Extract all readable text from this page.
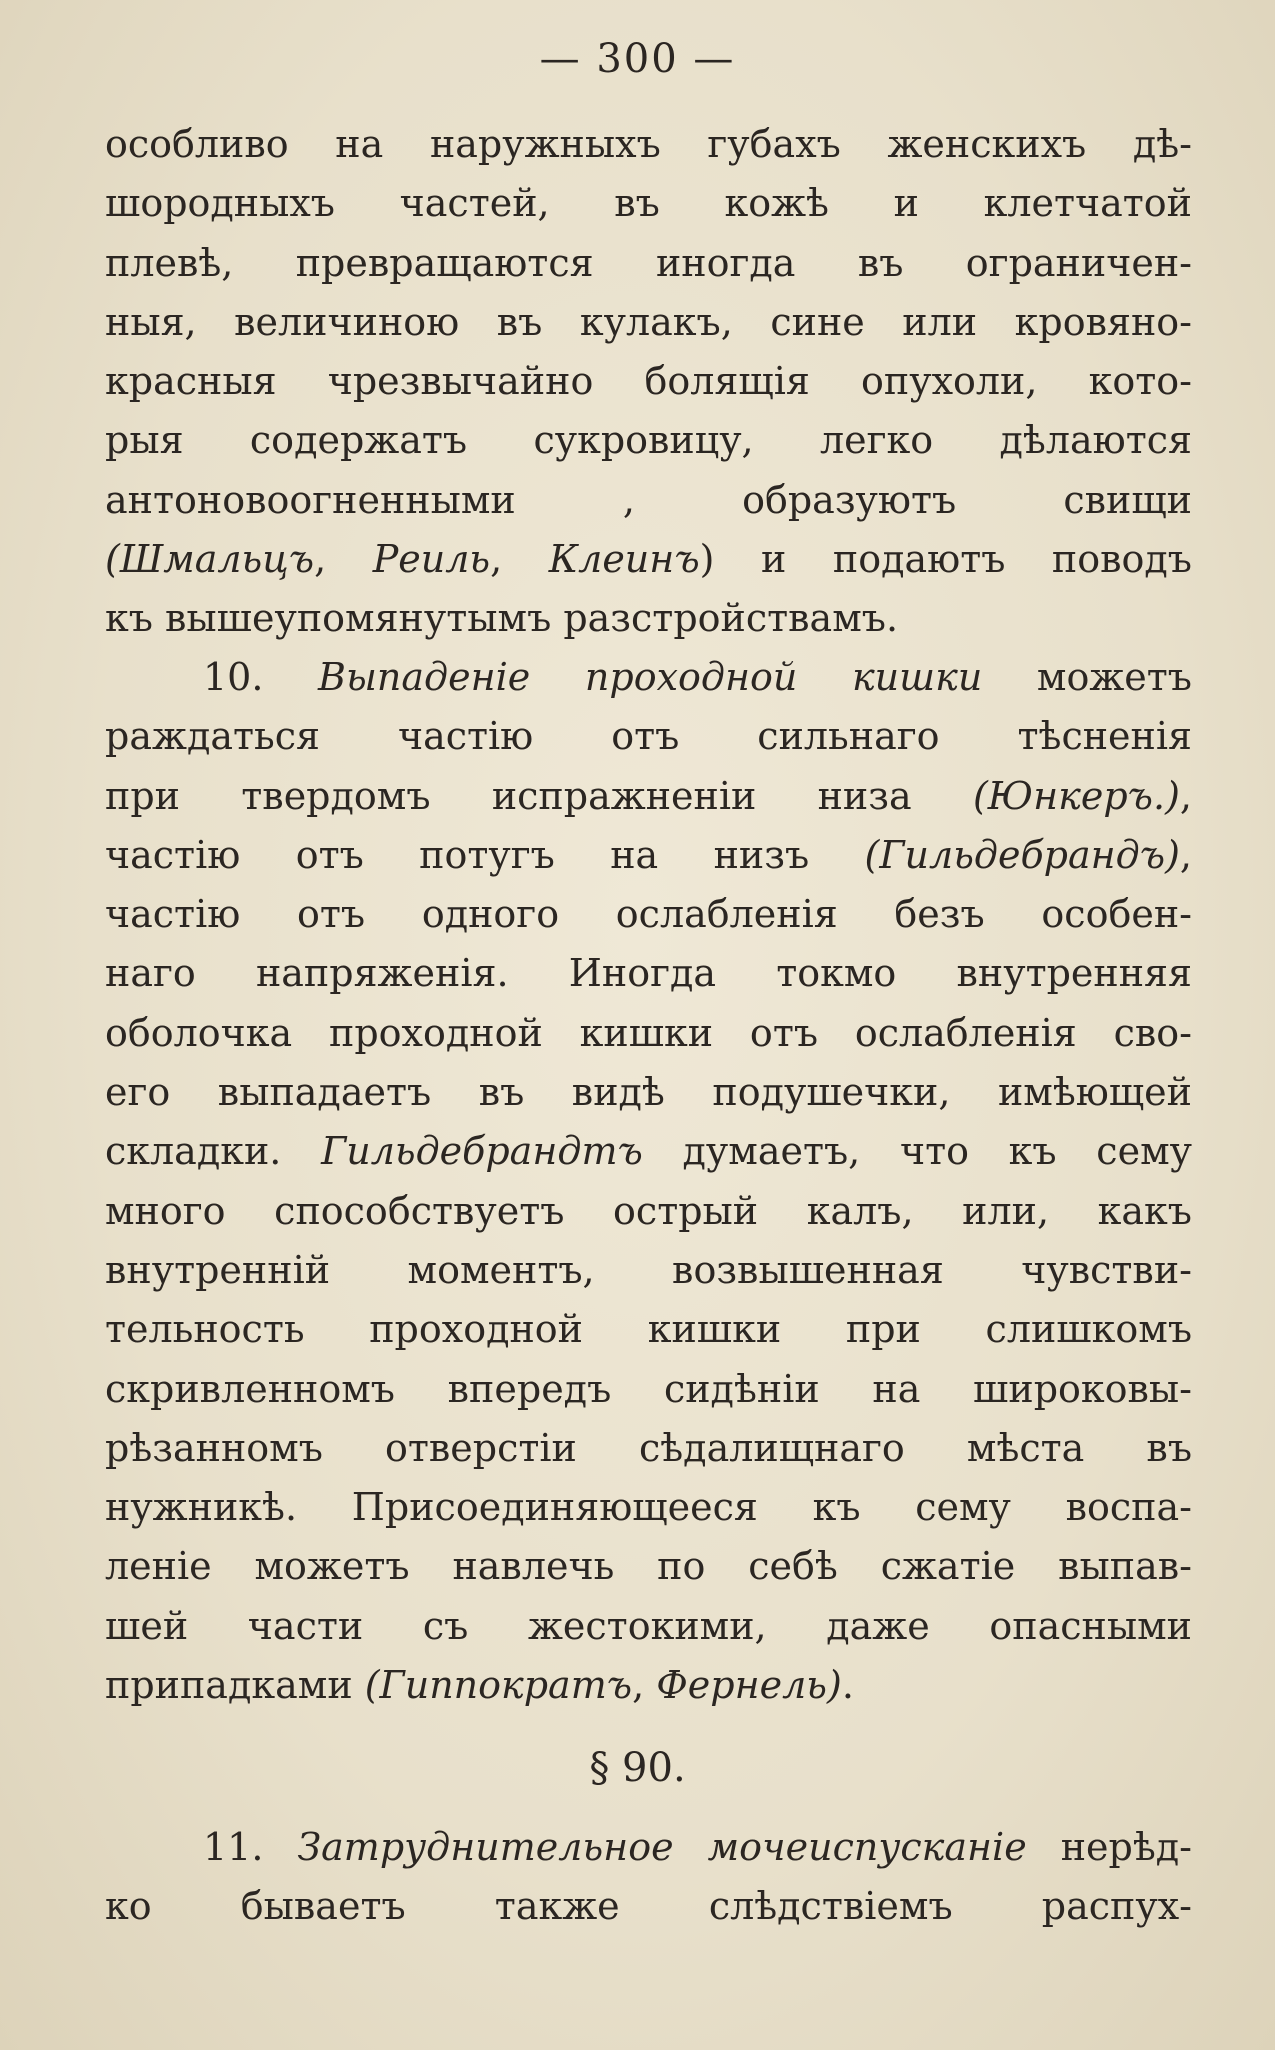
— 300 —
особливо на наружныхъ губахъ женскихъ дѣ-
шородныхъ частей, въ кожѣ и клетчатой
плевѣ, превращаются иногда въ ограничен-
ныя, величиною въ кулакъ, сине или кровяно-
красныя чрезвычайно болящія опухоли, кото-
рыя содержатъ сукровицу, легко дѣлаются
антоновоогненными , образуютъ свищи
(Шмальцъ, Реиль, Клеинъ) и подаютъ поводъ
къ вышеупомянутымъ разстройствамъ.
10. Выпаденіе проходной кишки можетъ
раждаться частію отъ сильнаго тѣсненія
при твердомъ испражненіи низа (Юнкеръ.),
частію отъ потугъ на низъ (Гильдебрандъ),
частію отъ одного ослабленія безъ особен-
наго напряженія. Иногда токмо внутренняя
оболочка проходной кишки отъ ослабленія сво-
его выпадаетъ въ видѣ подушечки, имѣющей
складки. Гильдебрандтъ думаетъ, что къ сему
много способствуетъ острый калъ, или, какъ
внутренній моментъ, возвышенная чувстви-
тельность проходной кишки при слишкомъ
скривленномъ впередъ сидѣніи на широковы-
рѣзанномъ отверстіи сѣдалищнаго мѣста въ
нужникѣ. Присоединяющееся къ сему воспа-
леніе можетъ навлечь по себѣ сжатіе выпав-
шей части съ жестокими, даже опасными
припадками (Гиппократъ, Фернель).
§ 90.
11. Затруднительное мочеиспусканіе нерѣд-
ко бываетъ также слѣдствіемъ распух-
